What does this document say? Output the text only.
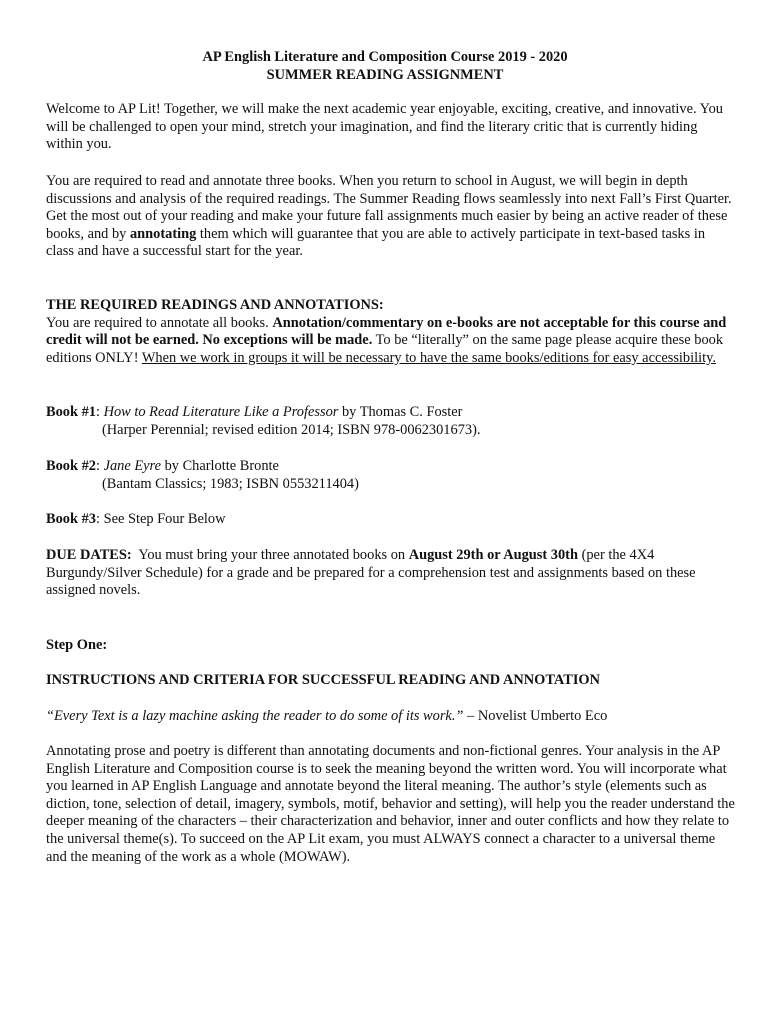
AP English Literature and Composition Course 2019 - 2020
SUMMER READING ASSIGNMENT
Welcome to AP Lit! Together, we will make the next academic year enjoyable, exciting, creative, and innovative. You will be challenged to open your mind, stretch your imagination, and find the literary critic that is currently hiding within you.
You are required to read and annotate three books. When you return to school in August, we will begin in depth discussions and analysis of the required readings. The Summer Reading flows seamlessly into next Fall’s First Quarter. Get the most out of your reading and make your future fall assignments much easier by being an active reader of these books, and by annotating them which will guarantee that you are able to actively participate in text-based tasks in class and have a successful start for the year.
THE REQUIRED READINGS AND ANNOTATIONS:
You are required to annotate all books. Annotation/commentary on e-books are not acceptable for this course and credit will not be earned. No exceptions will be made. To be “literally” on the same page please acquire these book editions ONLY! When we work in groups it will be necessary to have the same books/editions for easy accessibility.
Book #1: How to Read Literature Like a Professor by Thomas C. Foster
(Harper Perennial; revised edition 2014; ISBN 978-0062301673).
Book #2: Jane Eyre by Charlotte Bronte
(Bantam Classics; 1983; ISBN 0553211404)
Book #3: See Step Four Below
DUE DATES:  You must bring your three annotated books on August 29th or August 30th (per the 4X4 Burgundy/Silver Schedule) for a grade and be prepared for a comprehension test and assignments based on these assigned novels.
Step One:
INSTRUCTIONS AND CRITERIA FOR SUCCESSFUL READING AND ANNOTATION
“Every Text is a lazy machine asking the reader to do some of its work.” – Novelist Umberto Eco
Annotating prose and poetry is different than annotating documents and non-fictional genres. Your analysis in the AP English Literature and Composition course is to seek the meaning beyond the written word. You will incorporate what you learned in AP English Language and annotate beyond the literal meaning. The author’s style (elements such as diction, tone, selection of detail, imagery, symbols, motif, behavior and setting), will help you the reader understand the deeper meaning of the characters – their characterization and behavior, inner and outer conflicts and how they relate to the universal theme(s). To succeed on the AP Lit exam, you must ALWAYS connect a character to a universal theme and the meaning of the work as a whole (MOWAW).
